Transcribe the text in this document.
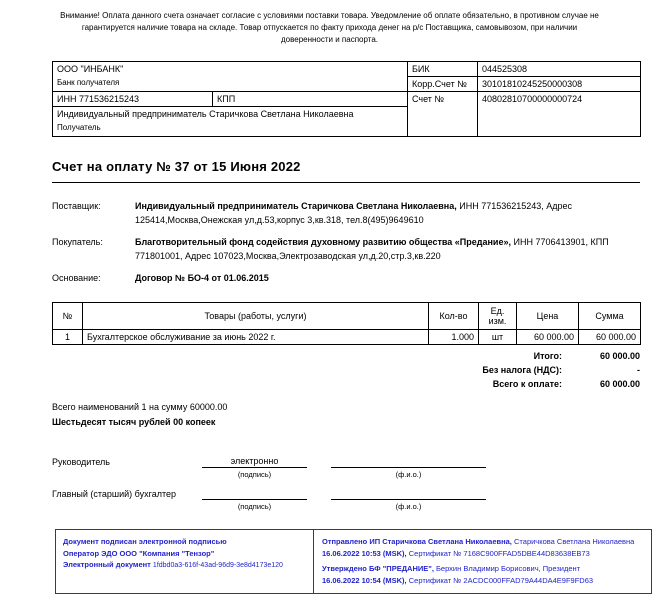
Внимание! Оплата данного счета означает согласие с условиями поставки товара. Уведомление об оплате обязательно, в противном случае не гарантируется наличие товара на складе. Товар отпускается по факту прихода денег на р/с Поставщика, самовывозом, при наличии доверенности и паспорта.
ООО "ИНБАНК"
Банк получателя		БИК	044525308
		Корр.Счет №	30101810245250000308
ИНН 771536215243	КПП	Счет №	40802810700000000724

Индивидуальный предприниматель Старичкова Светлана Николаевна
Получатель			
Счет на оплату № 37 от 15 Июня 2022
Поставщик:	Индивидуальный предприниматель Старичкова Светлана Николаевна, ИНН 771536215243, Адрес 125414,Москва,Онежская ул,д.53,корпус 3,кв.318, тел.8(495)9649610
Покупатель:	Благотворительный фонд содействия духовному развитию общества «Предание», ИНН 7706413901, КПП 771801001, Адрес 107023,Москва,Электрозаводская ул,д.20,стр.3,кв.220
Основание:	Договор № БО-4 от 01.06.2015
№	Товары (работы, услуги)	Кол-во	Ед. изм.	Цена	Сумма
1	Бухгалтерское обслуживание за июнь 2022 г.	1.000	шт	60 000.00	60 000.00
Итого:	60 000.00
Без налога (НДС):	-
Всего к оплате:	60 000.00
Всего наименований 1 на сумму 60000.00
Шестьдесят тысяч рублей 00 копеек
Руководитель	электронно
(подпись)
	(ф.и.о.)
Главный (старший) бухгалтер

(подпись)
	(ф.и.о.)
Документ подписан электронной подписью
Оператор ЭДО ООО "Компания "Тензор"
Электронный документ 1fdbd0a3-616f-43ad-96d9-3e8d4173e120
Отправлено ИП Старичкова Светлана Николаевна, Старичкова Светлана Николаевна
16.06.2022 10:53 (MSK), Сертификат № 7168C900FFAD5DBE44D83638EB73
Утверждено БФ "ПРЕДАНИЕ", Берхин Владимир Борисович, Президент
16.06.2022 10:54 (MSK), Сертификат № 2ACDC000FFAD79A44DA4E9F9FD63
